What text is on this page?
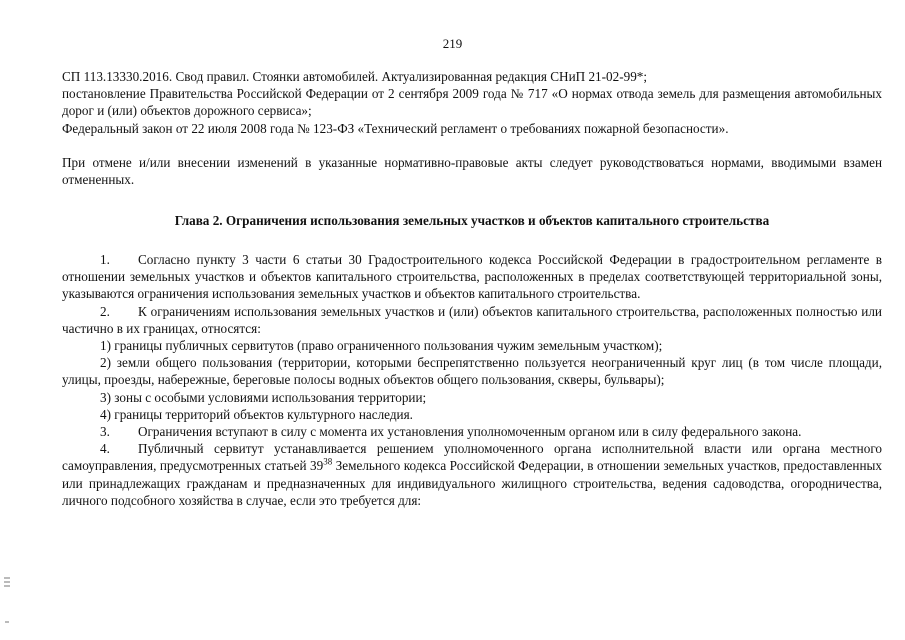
219

СП 113.13330.2016. Свод правил. Стоянки автомобилей. Актуализированная редакция СНиП 21-02-99*;

постановление Правительства Российской Федерации от 2 сентября 2009 года № 717 «О нормах отвода земель для размещения автомобильных дорог и (или) объектов дорожного сервиса»;

Федеральный закон от 22 июля 2008 года № 123-ФЗ «Технический регламент о требованиях пожарной безопасности».

При отмене и/или внесении изменений в указанные нормативно-правовые акты следует руководствоваться нормами, вводимыми взамен отмененных.

Глава 2. Ограничения использования земельных участков и объектов капитального строительства

1. Согласно пункту 3 части 6 статьи 30 Градостроительного кодекса Российской Федерации в градостроительном регламенте в отношении земельных участков и объектов капитального строительства, расположенных в пределах соответствующей территориальной зоны, указываются ограничения использования земельных участков и объектов капитального строительства.

2. К ограничениям использования земельных участков и (или) объектов капитального строительства, расположенных полностью или частично в их границах, относятся:

1) границы публичных сервитутов (право ограниченного пользования чужим земельным участком);

2) земли общего пользования (территории, которыми беспрепятственно пользуется неограниченный круг лиц (в том числе площади, улицы, проезды, набережные, береговые полосы водных объектов общего пользования, скверы, бульвары);

3) зоны с особыми условиями использования территории;

4) границы территорий объектов культурного наследия.

3. Ограничения вступают в силу с момента их установления уполномоченным органом или в силу федерального закона.

4. Публичный сервитут устанавливается решением уполномоченного органа исполнительной власти или органа местного самоуправления, предусмотренных статьей $39^{38}$ Земельного кодекса Российской Федерации, в отношении земельных участков, предоставленных или принадлежащих гражданам и предназначенных для индивидуального жилищного строительства, ведения садоводства, огородничества, личного подсобного хозяйства в случае, если это требуется для:
